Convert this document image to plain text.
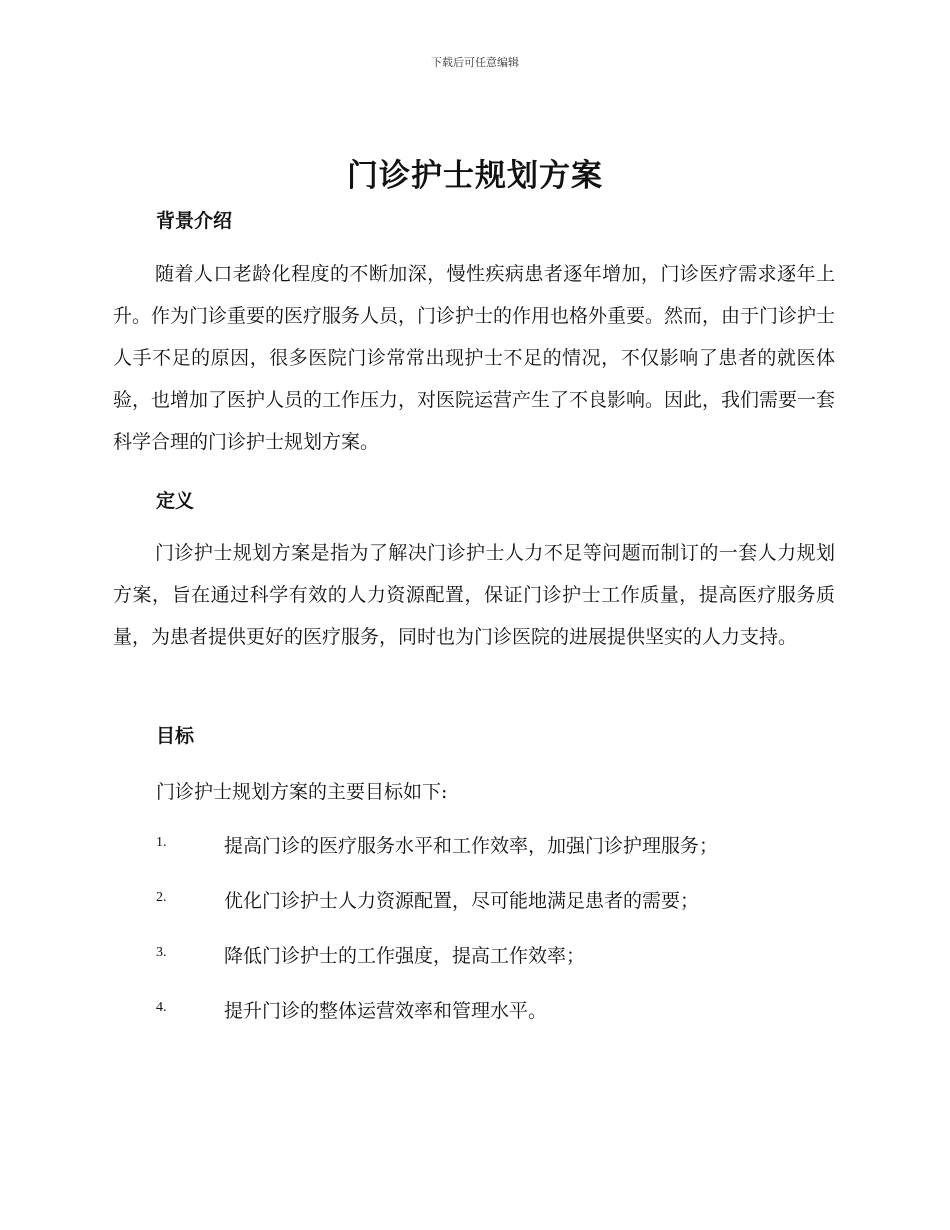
下载后可任意编辑
门诊护士规划方案
背景介绍

随着人口老龄化程度的不断加深，慢性疾病患者逐年增加，门诊医疗需求逐年上升。作为门诊重要的医疗服务人员，门诊护士的作用也格外重要。然而，由于门诊护士人手不足的原因，很多医院门诊常常出现护士不足的情况，不仅影响了患者的就医体验，也增加了医护人员的工作压力，对医院运营产生了不良影响。因此，我们需要一套科学合理的门诊护士规划方案。

定义

门诊护士规划方案是指为了解决门诊护士人力不足等问题而制订的一套人力规划方案，旨在通过科学有效的人力资源配置，保证门诊护士工作质量，提高医疗服务质量，为患者提供更好的医疗服务，同时也为门诊医院的进展提供坚实的人力支持。

目标

门诊护士规划方案的主要目标如下:

1.	提高门诊的医疗服务水平和工作效率，加强门诊护理服务；
2.	优化门诊护士人力资源配置，尽可能地满足患者的需要；
3.	降低门诊护士的工作强度，提高工作效率；
4.	提升门诊的整体运营效率和管理水平。
